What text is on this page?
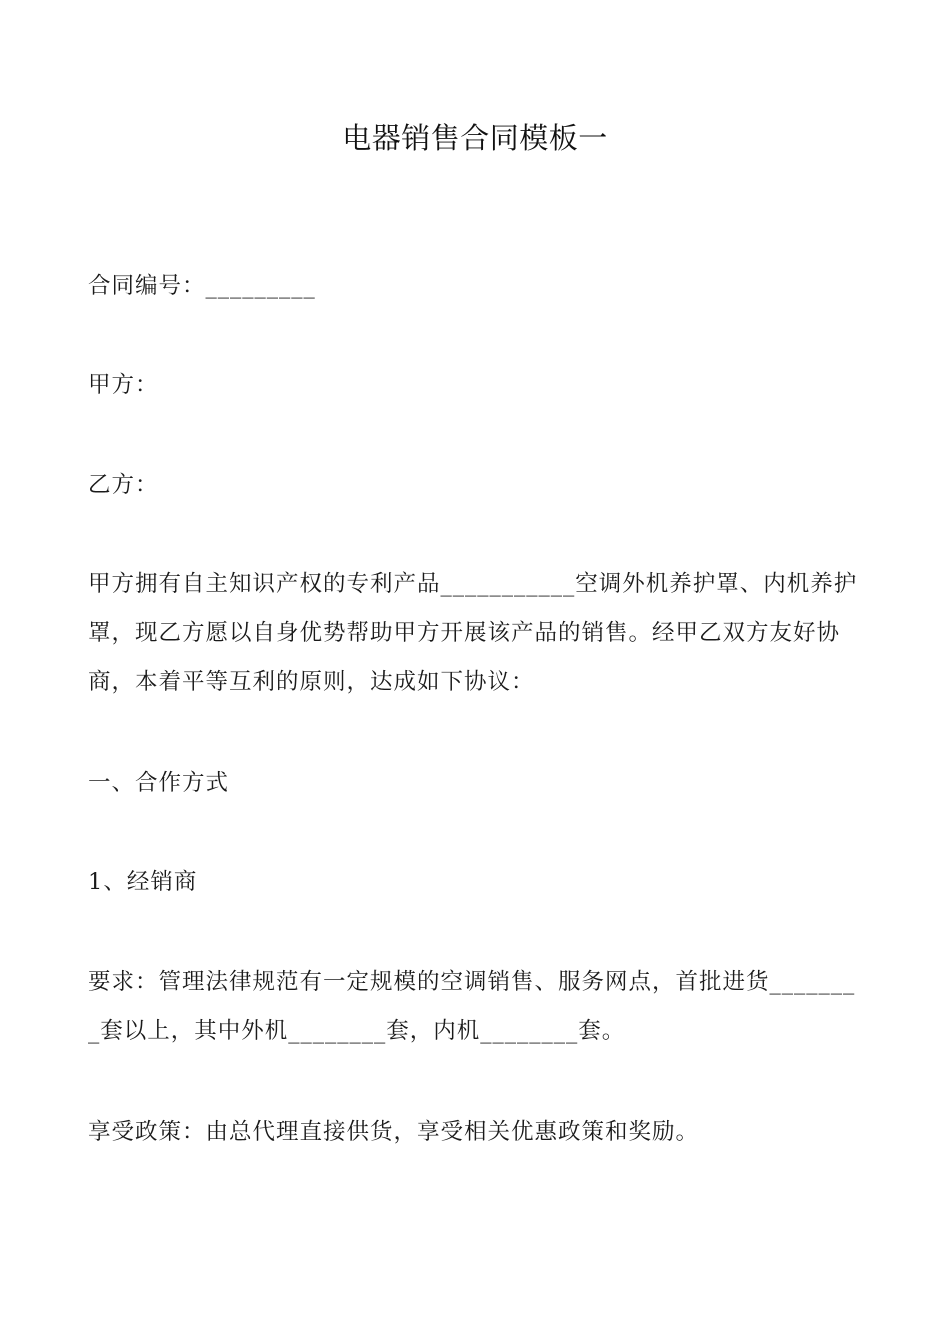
电器销售合同模板一
合同编号：_________
甲方：
乙方：
甲方拥有自主知识产权的专利产品___________空调外机养护罩、内机养护
罩，现乙方愿以自身优势帮助甲方开展该产品的销售。经甲乙双方友好协
商，本着平等互利的原则，达成如下协议：
一、合作方式
1、经销商
要求：管理法律规范有一定规模的空调销售、服务网点，首批进货_______
_套以上，其中外机________套，内机________套。
享受政策：由总代理直接供货，享受相关优惠政策和奖励。
